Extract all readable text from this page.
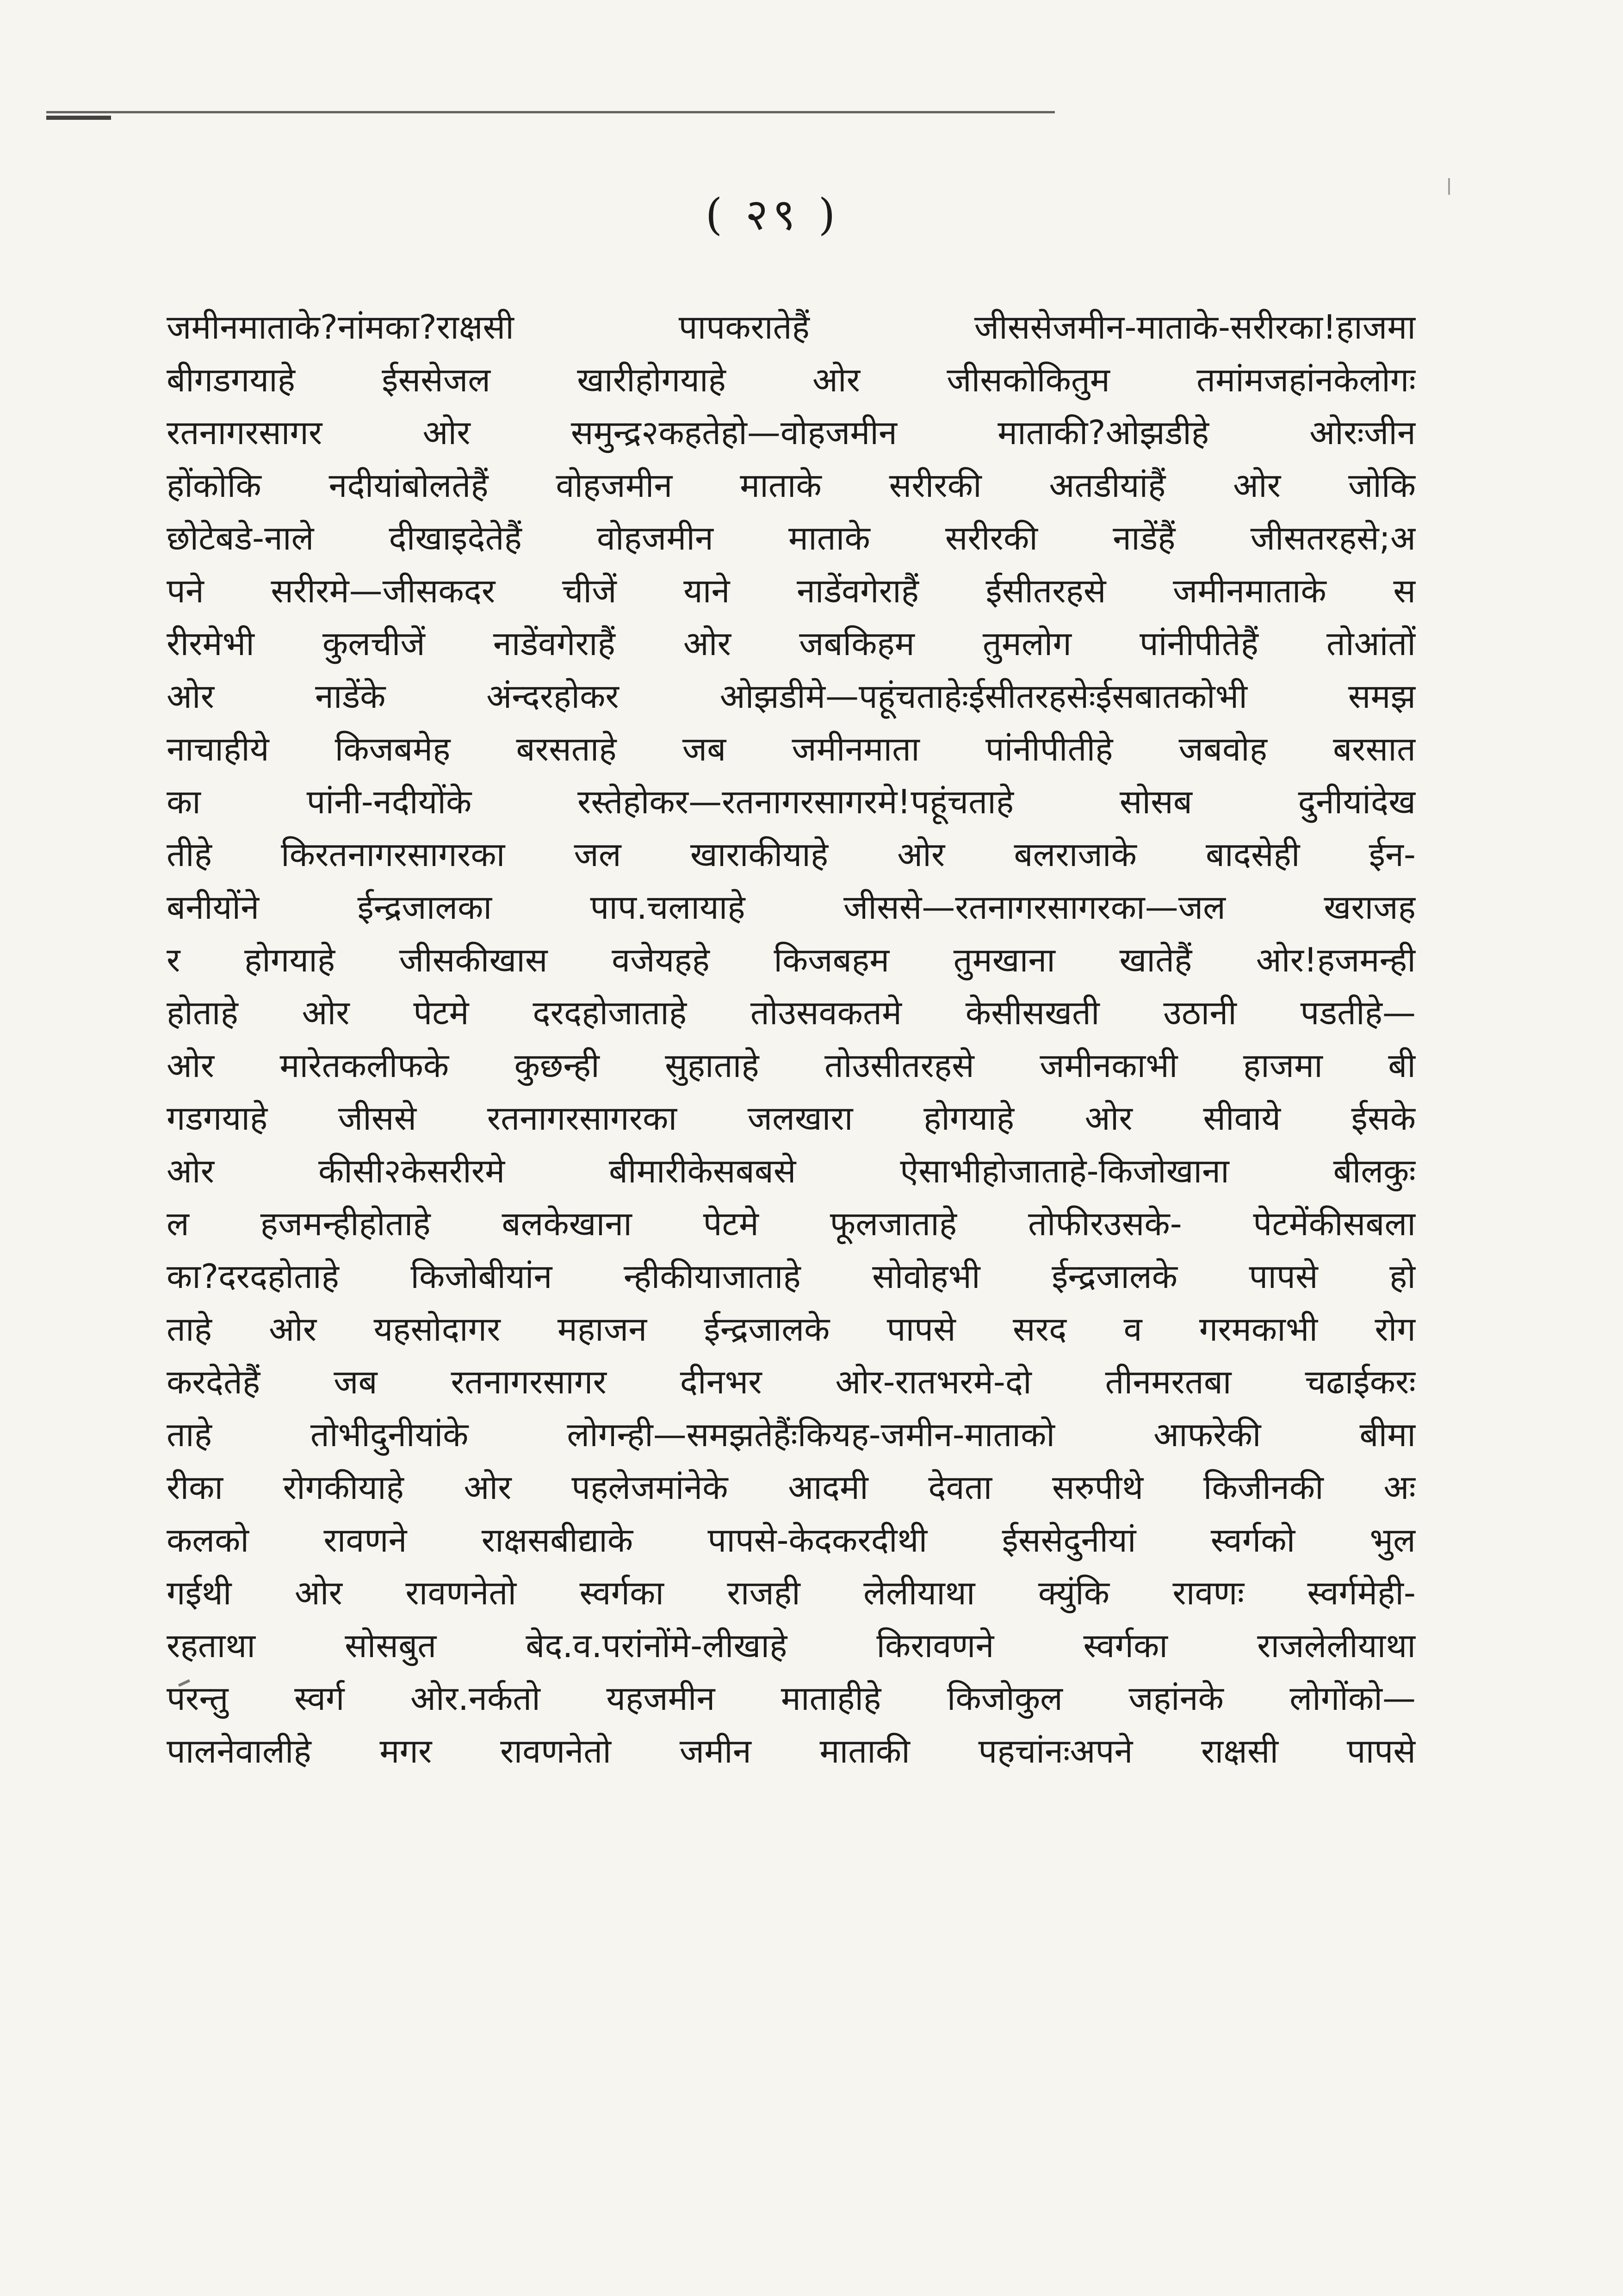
( २९ )
जमीनमाताके?नांमका?राक्षसी पापकरातेहैं जीससेजमीन-माताके-सरीरका!हाजमा
बीगडगयाहे ईससेजल खारीहोगयाहे ओर जीसकोकितुम तमांमजहांनकेलोगः
रतनागरसागर ओर समुन्द्र२कहतेहो—वोहजमीन माताकी?ओझडीहे ओरःजीन
होंकोकि नदीयांबोलतेहैं वोहजमीन माताके सरीरकी अतडीयांहैं ओर जोकि
छोटेबडे-नाले दीखाइदेतेहैं वोहजमीन माताके सरीरकी नाडेंहैं जीसतरहसे;अ
पने सरीरमे—जीसकदर चीजें याने नाडेंवगेराहैं ईसीतरहसे जमीनमाताके स
रीरमेभी कुलचीजें नाडेंवगेराहैं ओर जबकिहम तुमलोग पांनीपीतेहैं तोआंतों
ओर नाडेंके अंन्दरहोकर ओझडीमे—पहूंचताहेःईसीतरहसेःईसबातकोभी समझ
नाचाहीये किजबमेह बरसताहे जब जमीनमाता पांनीपीतीहे जबवोह बरसात
का पांनी-नदीयोंके रस्तेहोकर—रतनागरसागरमे!पहूंचताहे सोसब दुनीयांदेख
तीहे किरतनागरसागरका जल खाराकीयाहे ओर बलराजाके बादसेही ईन-
बनीयोंने ईन्द्रजालका पाप.चलायाहे जीससे—रतनागरसागरका—जल खराजह
र होगयाहे जीसकीखास वजेयहहे किजबहम तुमखाना खातेहैं ओर!हजमन्ही
होताहे ओर पेटमे दरदहोजाताहे तोउसवकतमे केसीसखती उठानी पडतीहे—
ओर मारेतकलीफके कुछन्ही सुहाताहे तोउसीतरहसे जमीनकाभी हाजमा बी
गडगयाहे जीससे रतनागरसागरका जलखारा होगयाहे ओर सीवाये ईसके
ओर कीसी२केसरीरमे बीमारीकेसबबसे ऐसाभीहोजाताहे-किजोखाना बीलकुः
ल हजमन्हीहोताहे बलकेखाना पेटमे फूलजाताहे तोफीरउसके- पेटमेंकीसबला
का?दरदहोताहे किजोबीयांन न्हीकीयाजाताहे सोवोहभी ईन्द्रजालके पापसे हो
ताहे ओर यहसोदागर महाजन ईन्द्रजालके पापसे सरद व गरमकाभी रोग
करदेतेहैं जब रतनागरसागर दीनभर ओर-रातभरमे-दो तीनमरतबा चढाईकरः
ताहे तोभीदुनीयांके लोगन्ही—समझतेहैंःकियह-जमीन-माताको आफरेकी बीमा
रीका रोगकीयाहे ओर पहलेजमांनेके आदमी देवता सरुपीथे किजीनकी अः
कलको रावणने राक्षसबीद्याके पापसे-केदकरदीथी ईससेदुनीयां स्वर्गको भुल
गईथी ओर रावणनेतो स्वर्गका राजही लेलीयाथा क्युंकि रावणः स्वर्गमेही-
रहताथा सोसबुत बेद.व.परांनोंमे-लीखाहे किरावणने स्वर्गका राजलेलीयाथा
परन्तु स्वर्ग ओर.नर्कतो यहजमीन माताहीहे किजोकुल जहांनके लोगोंको—
पालनेवालीहे मगर रावणनेतो जमीन माताकी पहचांनःअपने राक्षसी पापसे
